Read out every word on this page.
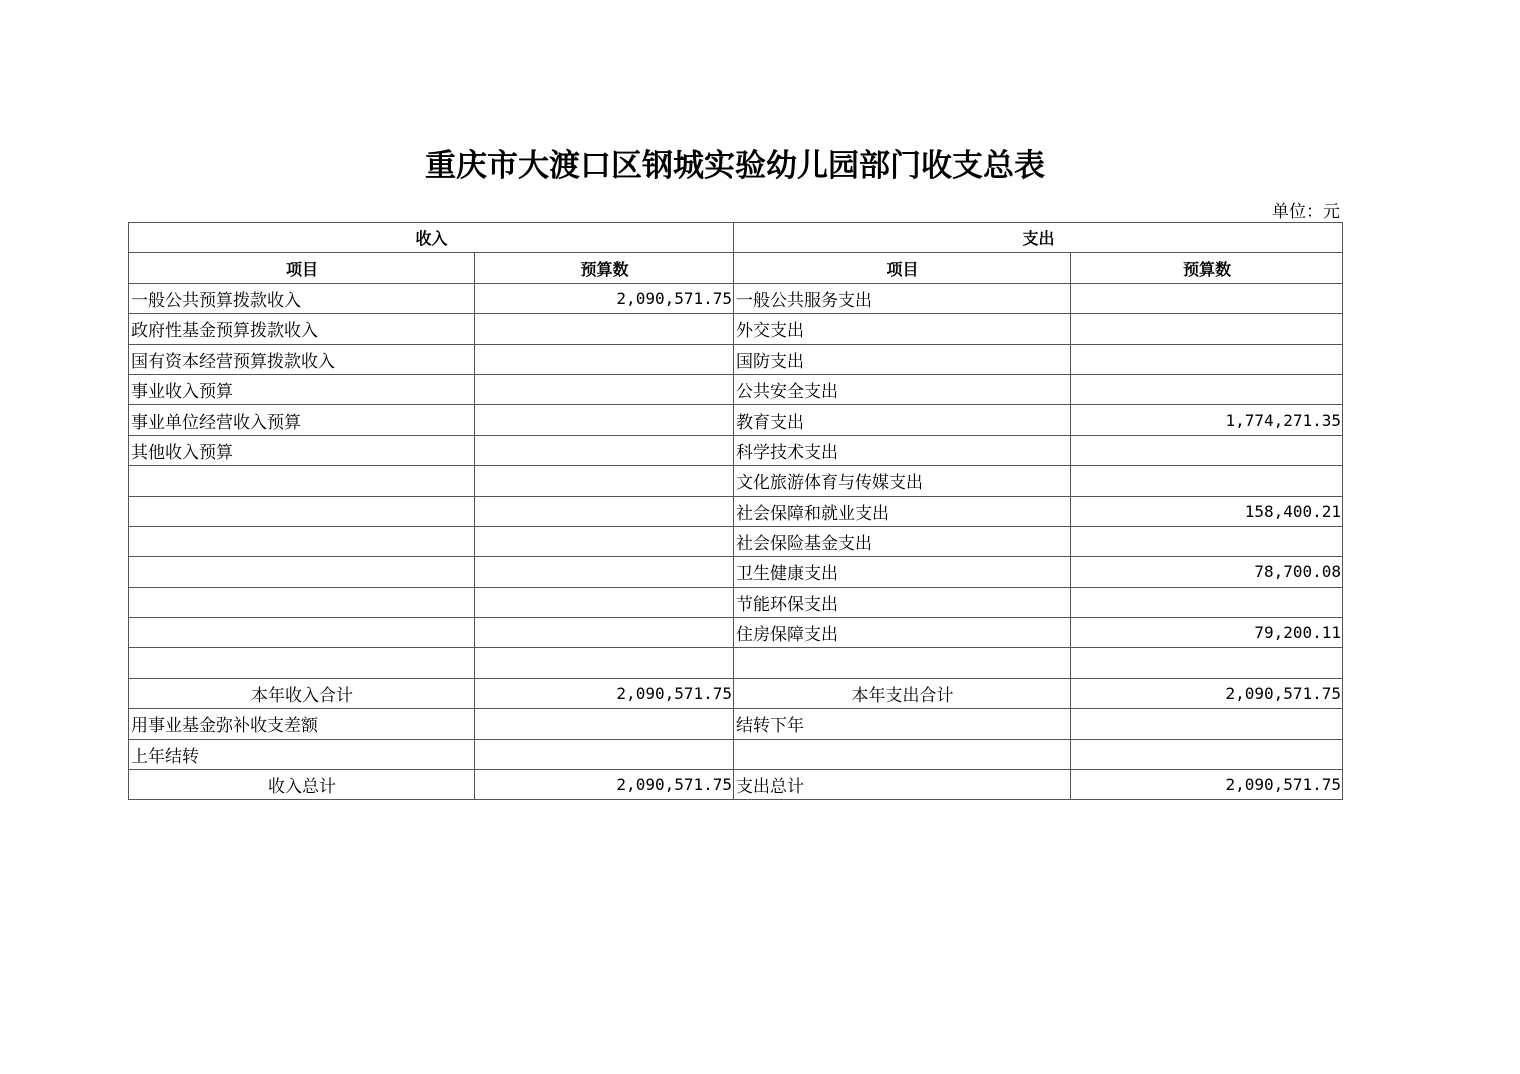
重庆市大渡口区钢城实验幼儿园部门收支总表
单位：元
收入		支出	
项目	预算数	项目	预算数
一般公共预算拨款收入	2,090,571.75	一般公共服务支出	
政府性基金预算拨款收入		外交支出	
国有资本经营预算拨款收入		国防支出	
事业收入预算		公共安全支出	
事业单位经营收入预算		教育支出	1,774,271.35
其他收入预算		科学技术支出	
		文化旅游体育与传媒支出	
		社会保障和就业支出	158,400.21
		社会保险基金支出	
		卫生健康支出	78,700.08
		节能环保支出	
		住房保障支出	79,200.11

本年收入合计	2,090,571.75	本年支出合计	2,090,571.75
用事业基金弥补收支差额		结转下年	
上年结转			
收入总计	2,090,571.75	支出总计	2,090,571.75
